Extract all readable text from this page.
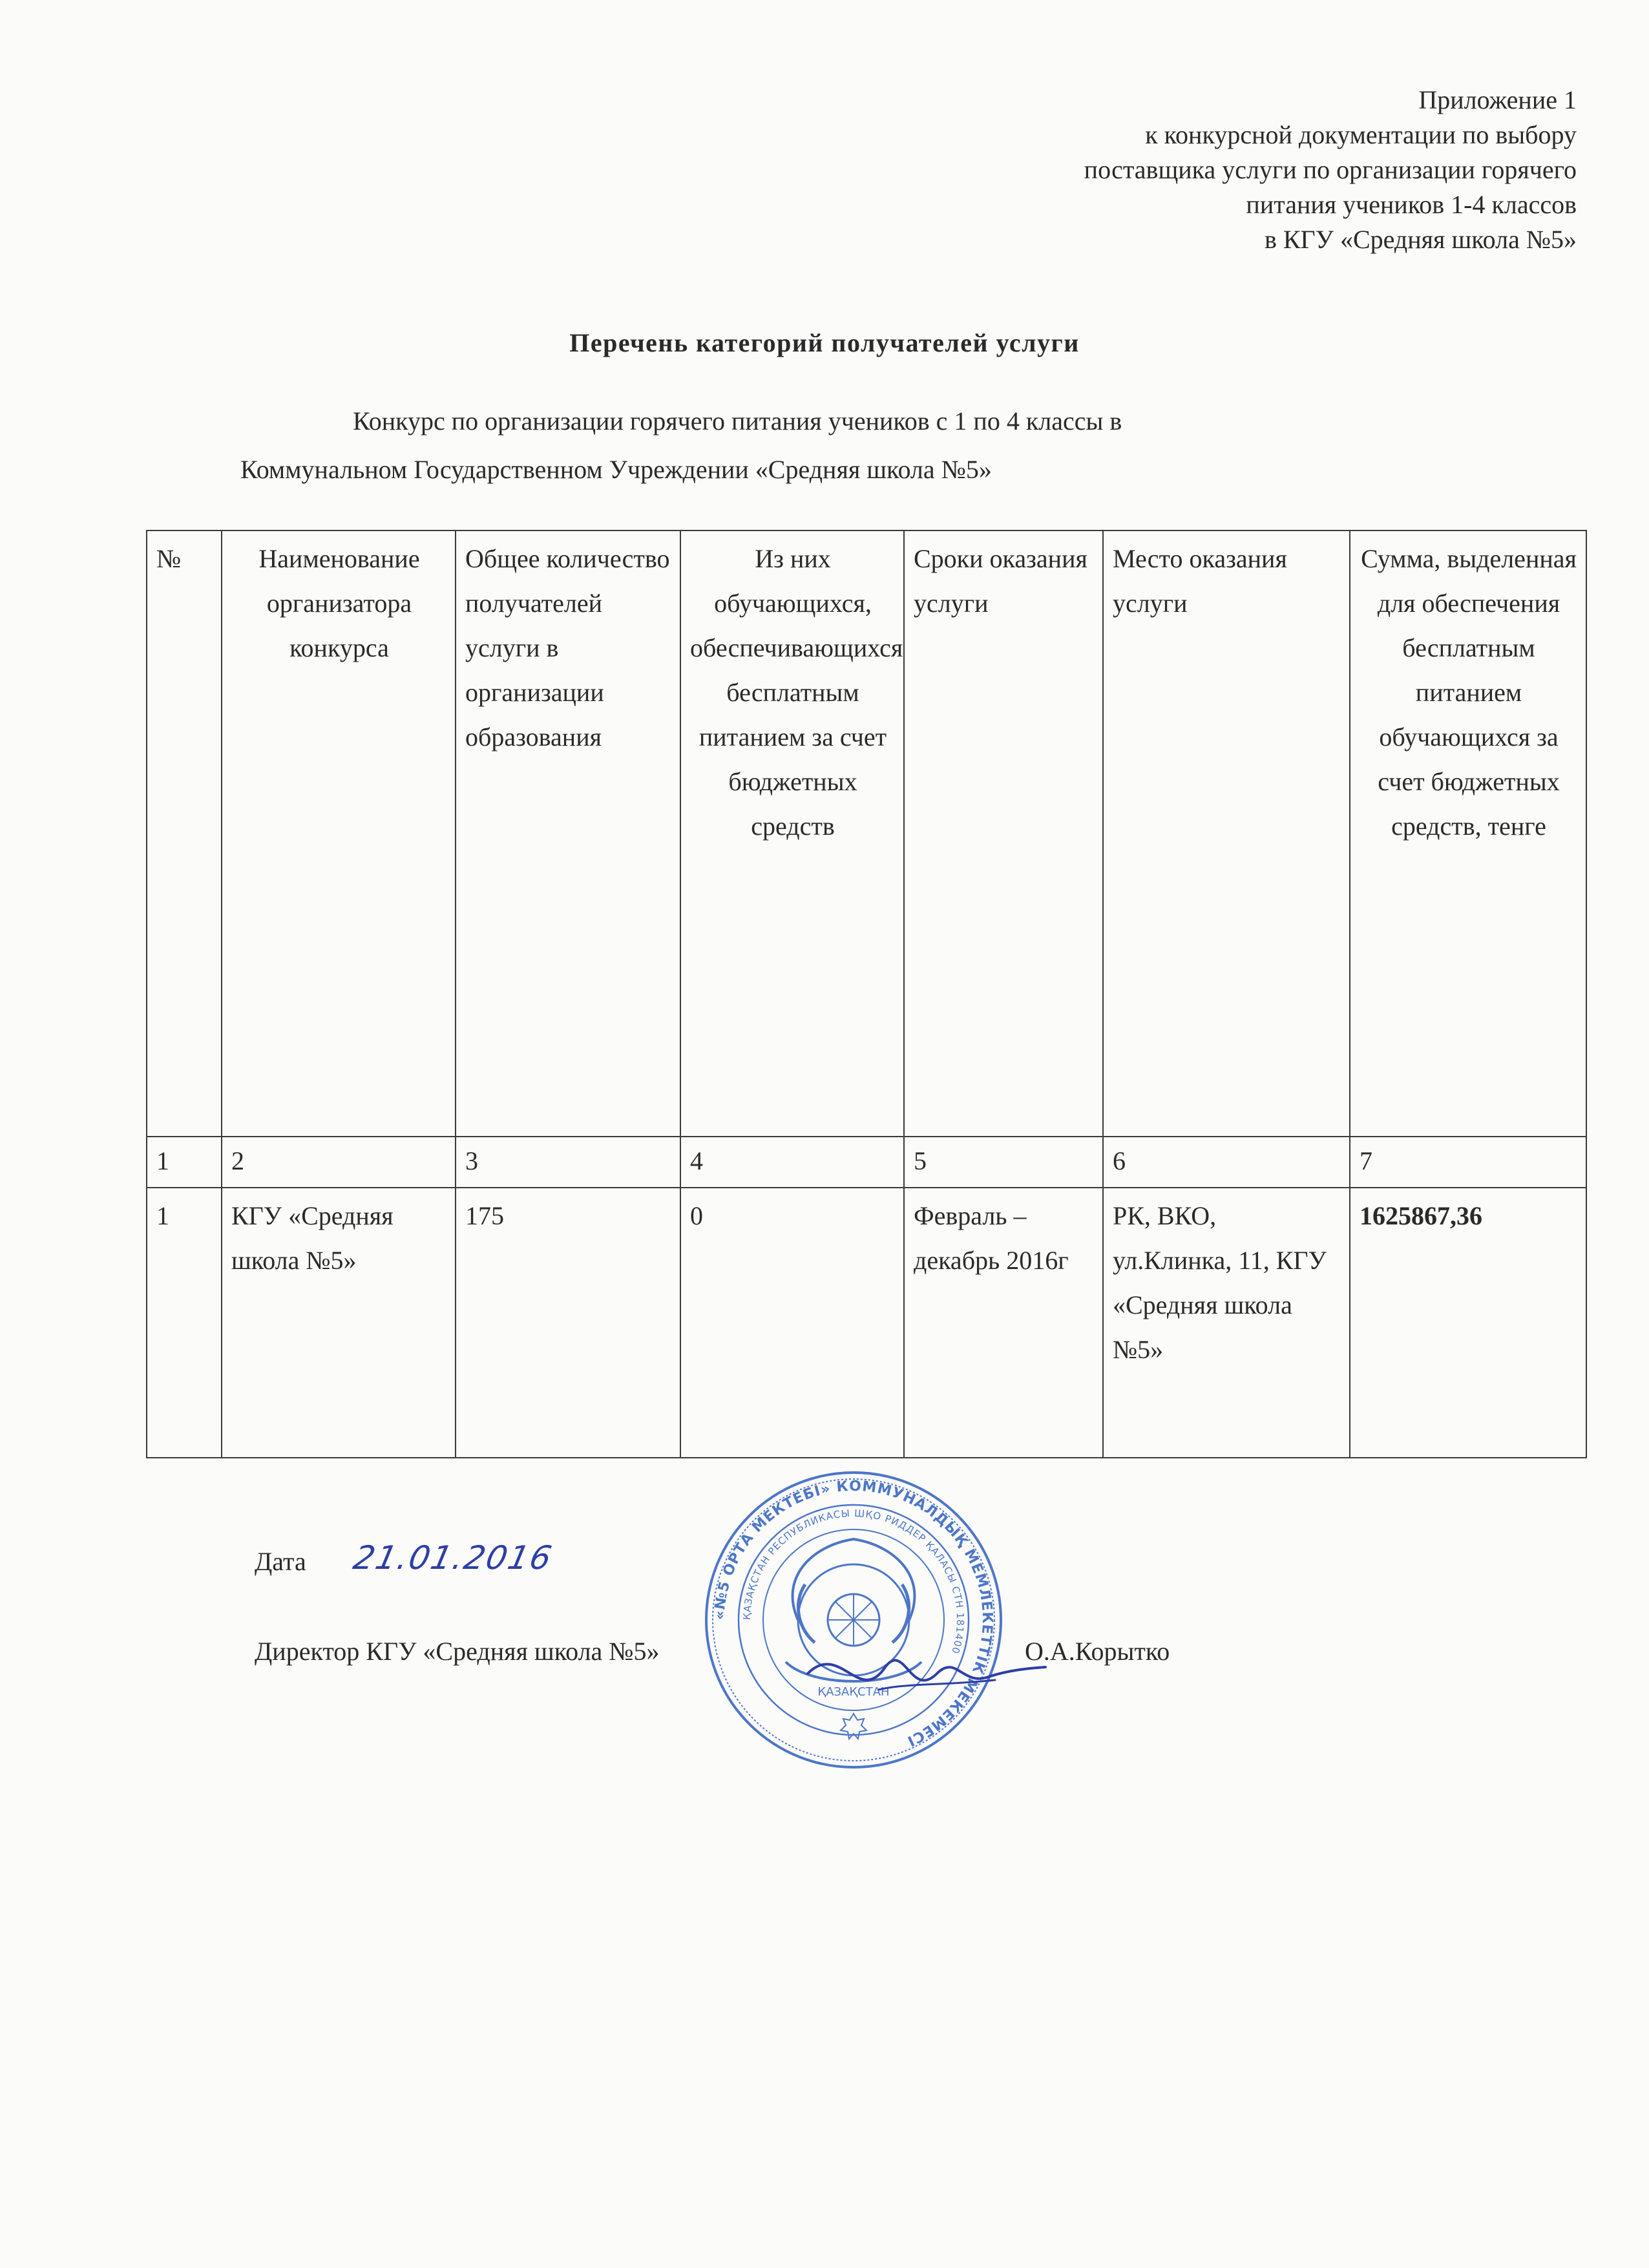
Приложение 1
к конкурсной документации по выбору
поставщика услуги по организации горячего
питания учеников 1-4 классов
в КГУ «Средняя школа №5»
Перечень категорий получателей услуги
Конкурс по организации горячего питания учеников с 1 по 4 классы в
Коммунальном Государственном Учреждении «Средняя школа №5»
№	Наименование организатора конкурса	Общее количество получателей услуги в организации образования	Из них обучающихся, обеспечивающихся бесплатным питанием за счет бюджетных средств	Сроки оказания услуги	Место оказания услуги	Сумма, выделенная для обеспечения бесплатным питанием обучающихся за счет бюджетных средств, тенге
1	2	3	4	5	6	7
1	КГУ «Средняя школа №5»	175	0	Февраль – декабрь 2016г	РК, ВКО, ул.Клинка, 11, КГУ «Средняя школа №5»	1625867,36
Дата 21.01.2016
Директор КГУ «Средняя школа №5»	О.А.Корытко
«№5 ОРТА МЕКТЕБІ» КОММУНАЛДЫҚ МЕМЛЕКЕТТІК МЕКЕМЕСІ
ҚАЗАҚСТАН РЕСПУБЛИКАСЫ ШҚО РИДДЕР ҚАЛАСЫ СТН 181400
ҚАЗАҚСТАН
